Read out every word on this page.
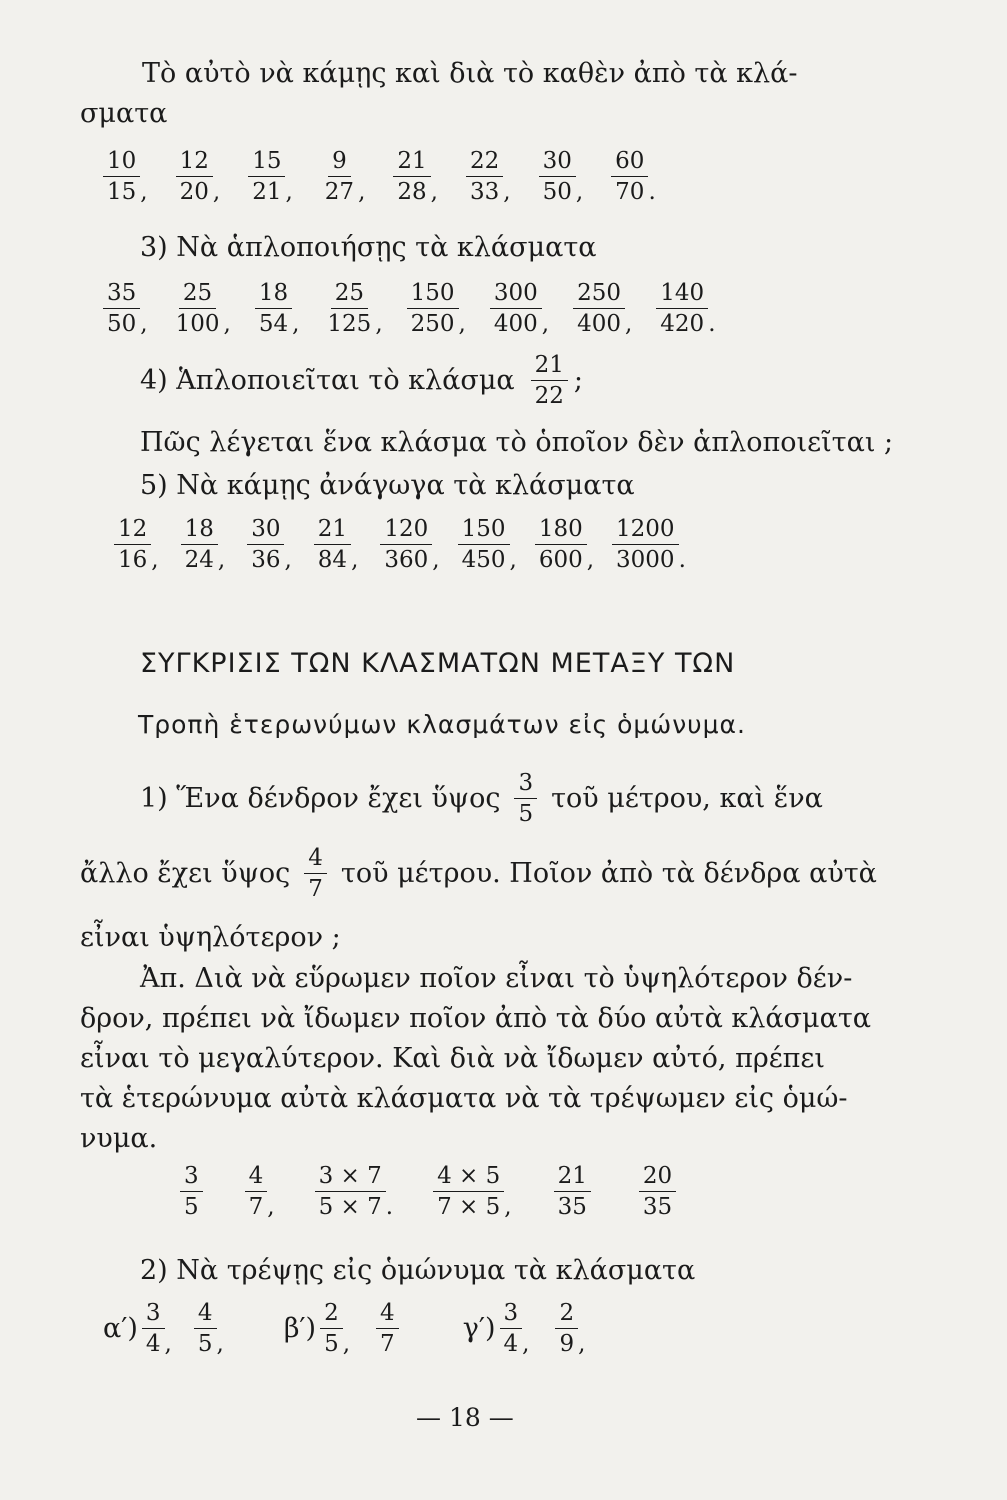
Τὸ αὐτὸ νὰ κάμῃς καὶ διὰ τὸ καθὲν ἀπὸ τὰ κλά-
σματα
$\frac{10}{15}$ , $\frac{12}{20}$ , $\frac{15}{21}$ , $\frac{9}{27}$ , $\frac{21}{28}$ , $\frac{22}{33}$ , $\frac{30}{50}$ , $\frac{60}{70}$ .
3) Νὰ ἁπλοποιήσῃς τὰ κλάσματα
$\frac{35}{50}$ , $\frac{25}{100}$ , $\frac{18}{54}$ , $\frac{25}{125}$ , $\frac{150}{250}$ , $\frac{300}{400}$ , $\frac{250}{400}$ , $\frac{140}{420}$ .
4) Ἁπλοποιεῖται τὸ κλάσμα $\frac{21}{22}$ ;
Πῶς λέγεται ἕνα κλάσμα τὸ ὁποῖον δὲν ἁπλοποιεῖται ;
5) Νὰ κάμῃς ἀνάγωγα τὰ κλάσματα
$\frac{12}{16}$ , $\frac{18}{24}$ , $\frac{30}{36}$ , $\frac{21}{84}$ , $\frac{120}{360}$ , $\frac{150}{450}$ , $\frac{180}{600}$ , $\frac{1200}{3000}$ .
ΣΥΓΚΡΙΣΙΣ ΤΩΝ ΚΛΑΣΜΑΤΩΝ ΜΕΤΑΞΥ ΤΩΝ
Τροπὴ ἑτερωνύμων κλασμάτων εἰς ὁμώνυμα.
1) Ἕνα δένδρον ἔχει ὕψος $\frac{3}{5}$ τοῦ μέτρου, καὶ ἕνα
ἄλλο ἔχει ὕψος $\frac{4}{7}$ τοῦ μέτρου. Ποῖον ἀπὸ τὰ δένδρα αὐτὰ
εἶναι ὑψηλότερον ;
Ἀπ. Διὰ νὰ εὕρωμεν ποῖον εἶναι τὸ ὑψηλότερον δέν-
δρον, πρέπει νὰ ἴδωμεν ποῖον ἀπὸ τὰ δύο αὐτὰ κλάσματα
εἶναι τὸ μεγαλύτερον. Καὶ διὰ νὰ ἴδωμεν αὐτό, πρέπει
τὰ ἑτερώνυμα αὐτὰ κλάσματα νὰ τὰ τρέψωμεν εἰς ὁμώ-
νυμα.
$\frac{3}{5} \frac{4}{7}$ , $\frac{3 \times 7}{5 \times 7}$ . $\frac{4 \times 5}{7 \times 5}$ , $\frac{21}{35} \frac{20}{35}$
2) Νὰ τρέψῃς εἰς ὁμώνυμα τὰ κλάσματα
$\alpha') \frac{3}{4}$ , $\frac{4}{5}$ ,
$\beta') \frac{2}{5}$ , $\frac{4}{7} \gamma') \frac{3}{4}$ , $\frac{2}{9}$ ,
— 18 —
